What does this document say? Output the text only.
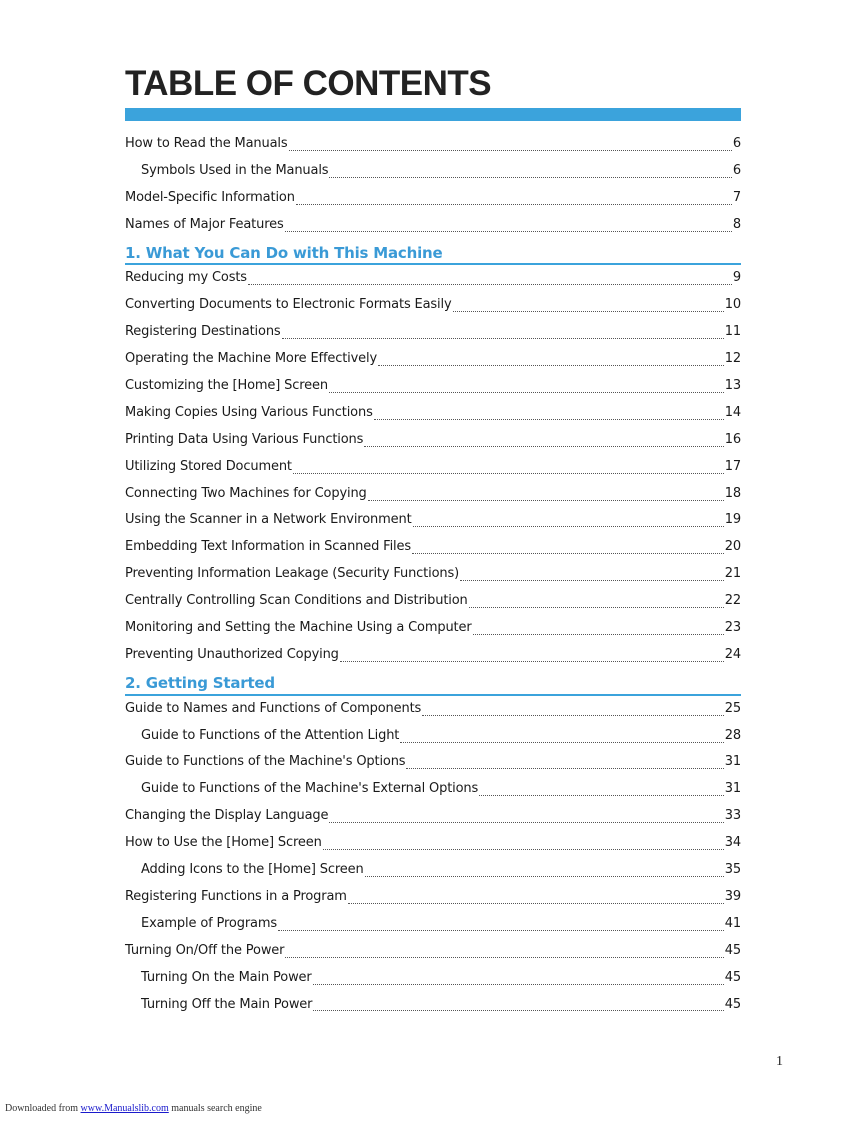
TABLE OF CONTENTS
How to Read the Manuals	6
Symbols Used in the Manuals	6
Model-Specific Information	7
Names of Major Features	8
1. What You Can Do with This Machine
Reducing my Costs	9
Converting Documents to Electronic Formats Easily	10
Registering Destinations	11
Operating the Machine More Effectively	12
Customizing the [Home] Screen	13
Making Copies Using Various Functions	14
Printing Data Using Various Functions	16
Utilizing Stored Document	17
Connecting Two Machines for Copying	18
Using the Scanner in a Network Environment	19
Embedding Text Information in Scanned Files	20
Preventing Information Leakage (Security Functions)	21
Centrally Controlling Scan Conditions and Distribution	22
Monitoring and Setting the Machine Using a Computer	23
Preventing Unauthorized Copying	24
2. Getting Started
Guide to Names and Functions of Components	25
Guide to Functions of the Attention Light	28
Guide to Functions of the Machine's Options	31
Guide to Functions of the Machine's External Options	31
Changing the Display Language	33
How to Use the [Home] Screen	34
Adding Icons to the [Home] Screen	35
Registering Functions in a Program	39
Example of Programs	41
Turning On/Off the Power	45
Turning On the Main Power	45
Turning Off the Main Power	45
1
Downloaded from www.Manualslib.com manuals search engine
